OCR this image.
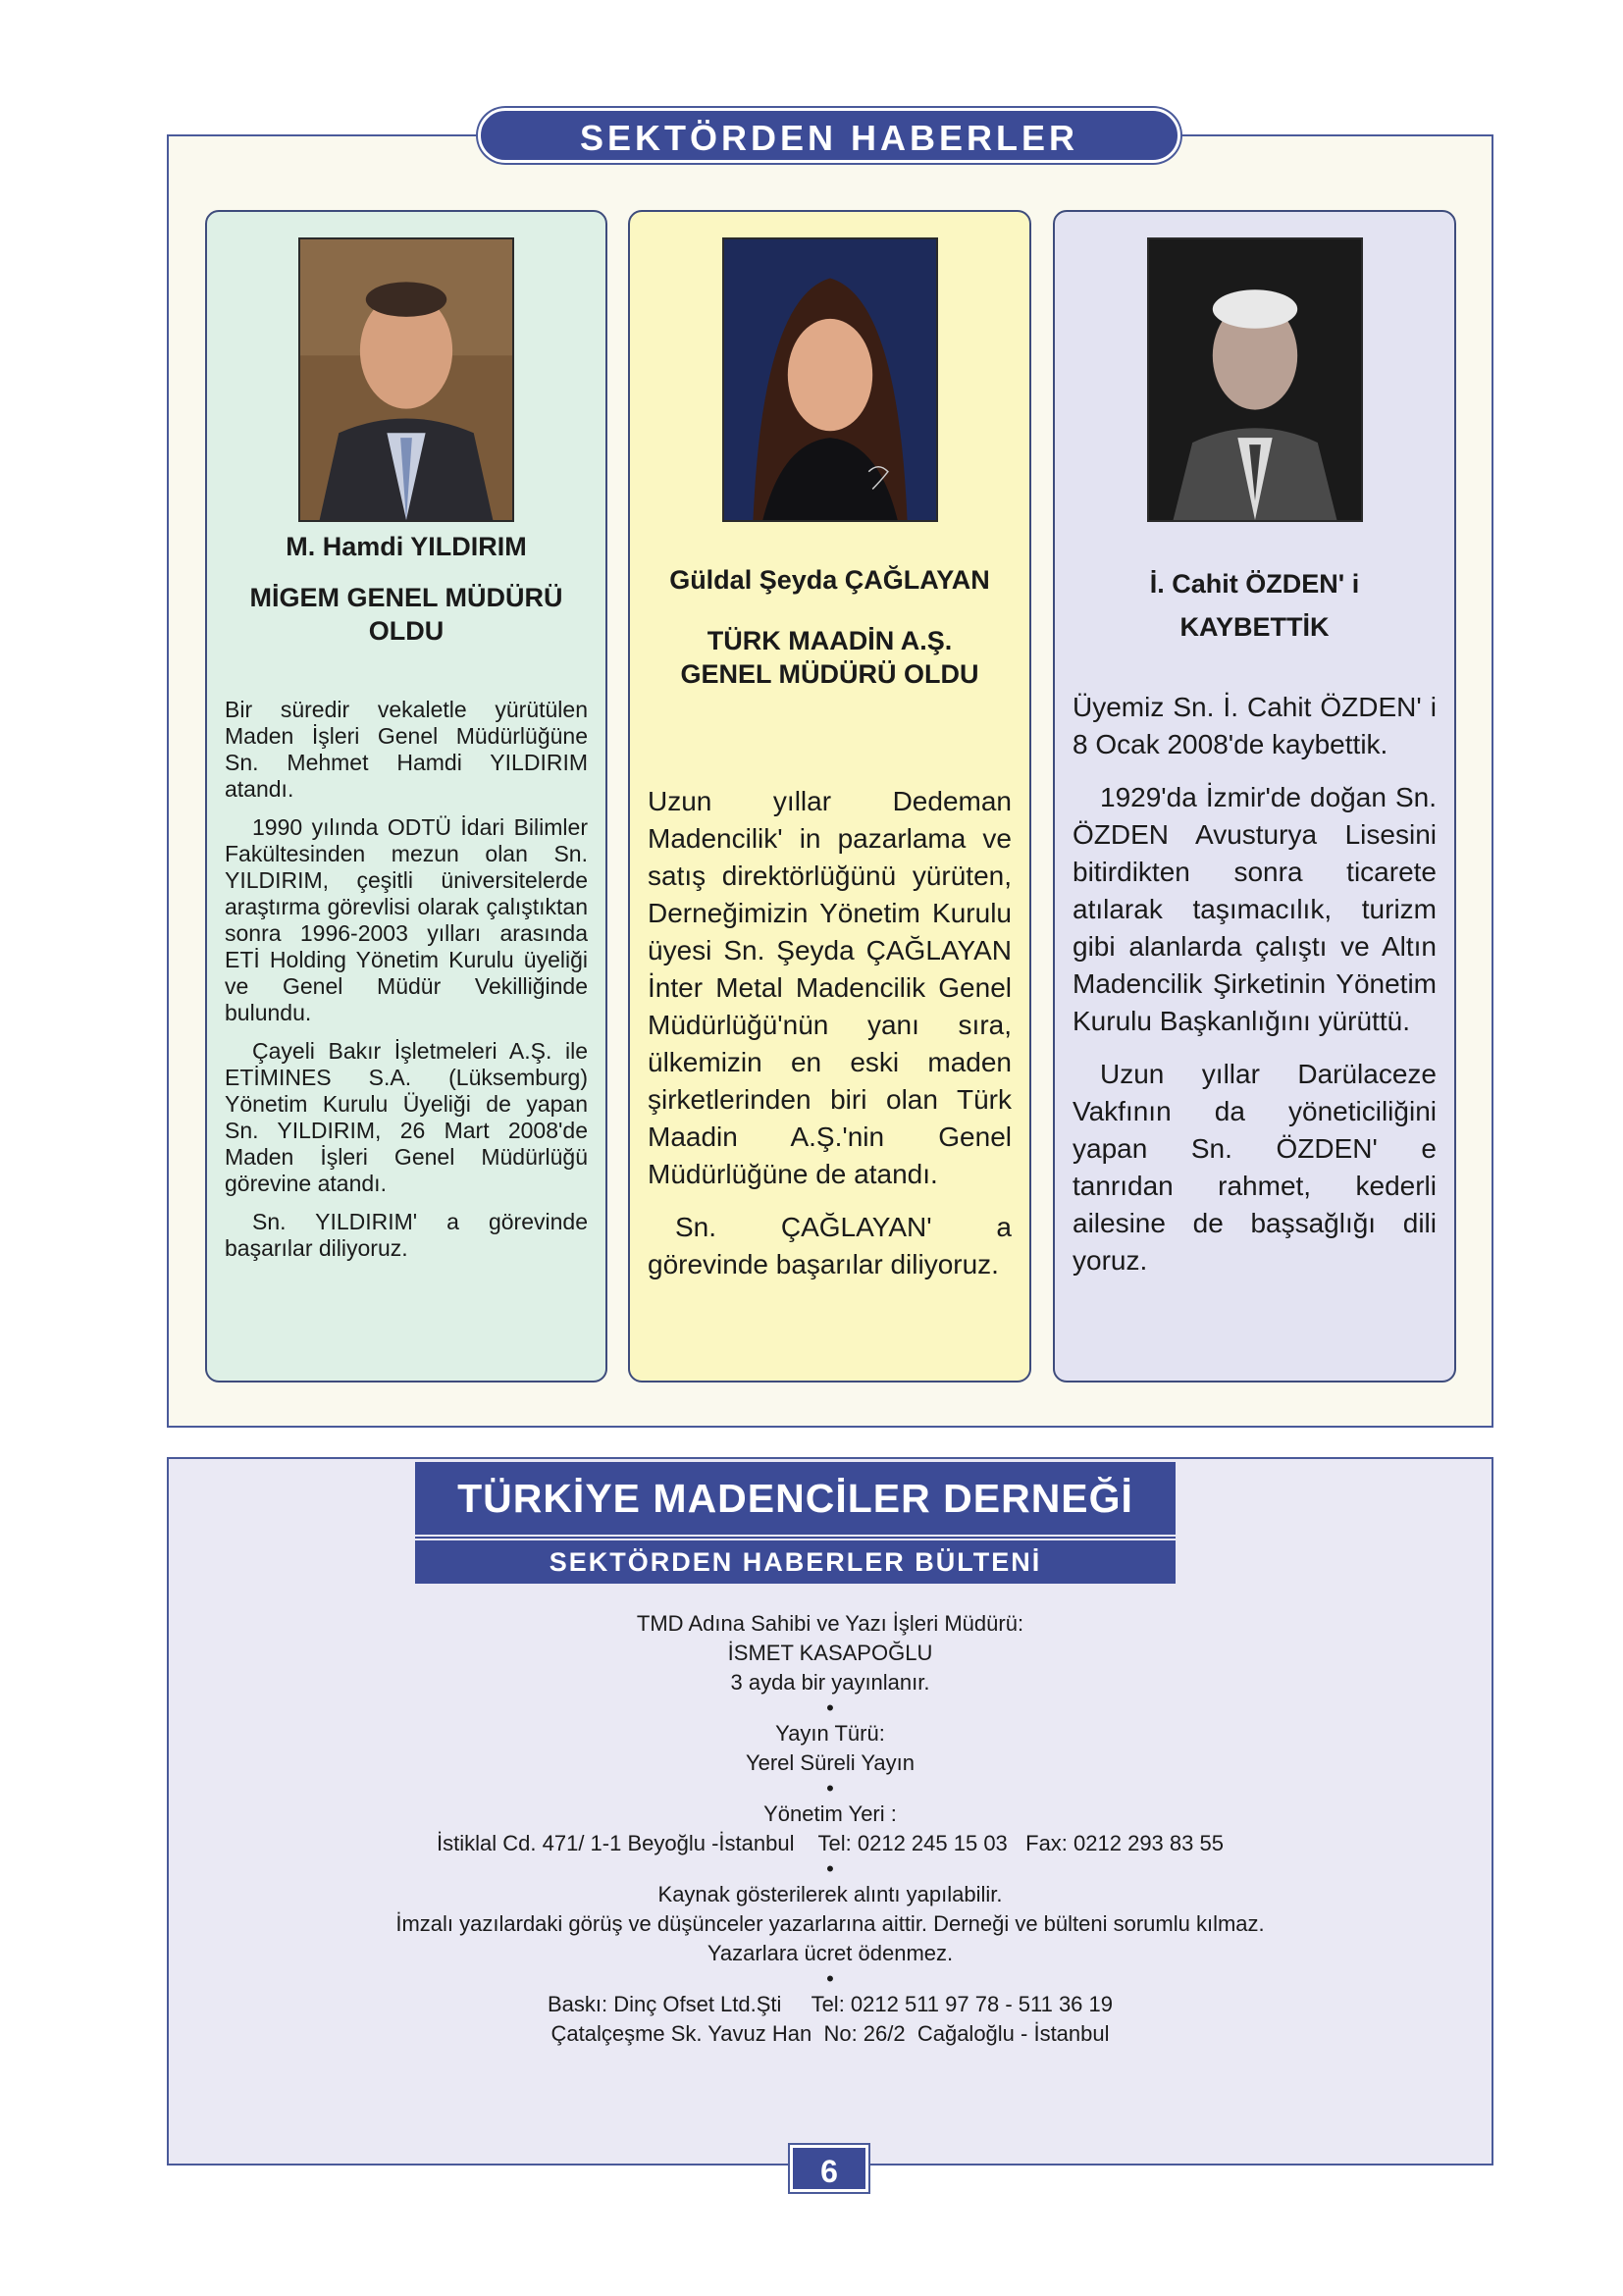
SEKTÖRDEN HABERLER
M. Hamdi YILDIRIM
MİGEM GENEL MÜDÜRÜ OLDU

Bir süredir vekaletle yürütülen Maden İşleri Genel Müdürlüğüne Sn. Mehmet Hamdi YILDIRIM atandı.

1990 yılında ODTÜ İdari Bilimler Fakültesinden mezun olan Sn. YILDIRIM, çeşitli üniversitelerde araştırma görevlisi olarak çalıştıktan sonra 1996-2003 yılları arasında ETİ Holding Yönetim Kurulu üyeliği ve Genel Müdür Vekilliğinde bulundu.

Çayeli Bakır İşletmeleri A.Ş. ile ETİMINES S.A. (Lüksemburg) Yönetim Kurulu Üyeliği de yapan Sn. YILDIRIM, 26 Mart 2008'de Maden İşleri Genel Müdürlüğü görevine atandı.

Sn. YILDIRIM' a görevinde başarılar diliyoruz.

Güldal Şeyda ÇAĞLAYAN
TÜRK MAADİN A.Ş. GENEL MÜDÜRÜ OLDU

Uzun yıllar Dedeman Madencilik' in pazarlama ve satış direktörlüğünü yürüten, Derneğimizin Yönetim Kurulu üyesi Sn. Şeyda ÇAĞLAYAN İnter Metal Madencilik Genel Müdürlüğü'nün yanı sıra, ülkemizin en eski maden şirketlerinden biri olan Türk Maadin A.Ş.'nin Genel Müdürlüğüne de atandı.

Sn. ÇAĞLAYAN' a görevinde başarılar diliyoruz.

İ. Cahit ÖZDEN' i
KAYBETTİK

Üyemiz Sn. İ. Cahit ÖZDEN' i 8 Ocak 2008'de kaybettik.

1929'da İzmir'de doğan Sn. ÖZDEN Avusturya Lisesini bitirdikten sonra ticarete atılarak taşımacılık, turizm gibi alanlarda çalıştı ve Altın Madencilik Şirketinin Yönetim Kurulu Başkanlığını yürüttü.

Uzun yıllar Darülaceze Vakfının da yöneticiliğini yapan Sn. ÖZDEN' e tanrıdan rahmet, kederli ailesine de başsağlığı dili yoruz.

TÜRKİYE MADENCİLER DERNEĞİ
SEKTÖRDEN HABERLER BÜLTENİ
TMD Adına Sahibi ve Yazı İşleri Müdürü:
İSMET KASAPOĞLU
3 ayda bir yayınlanır.
•
Yayın Türü:
Yerel Süreli Yayın
•
Yönetim Yeri :
İstiklal Cd. 471/ 1-1 Beyoğlu -İstanbul    Tel: 0212 245 15 03   Fax: 0212 293 83 55
•
Kaynak gösterilerek alıntı yapılabilir.
İmzalı yazılardaki görüş ve düşünceler yazarlarına aittir. Derneği ve bülteni sorumlu kılmaz.
Yazarlara ücret ödenmez.
•
Baskı: Dinç Ofset Ltd.Şti     Tel: 0212 511 97 78 - 511 36 19
Çatalçeşme Sk. Yavuz Han  No: 26/2  Cağaloğlu - İstanbul
6
